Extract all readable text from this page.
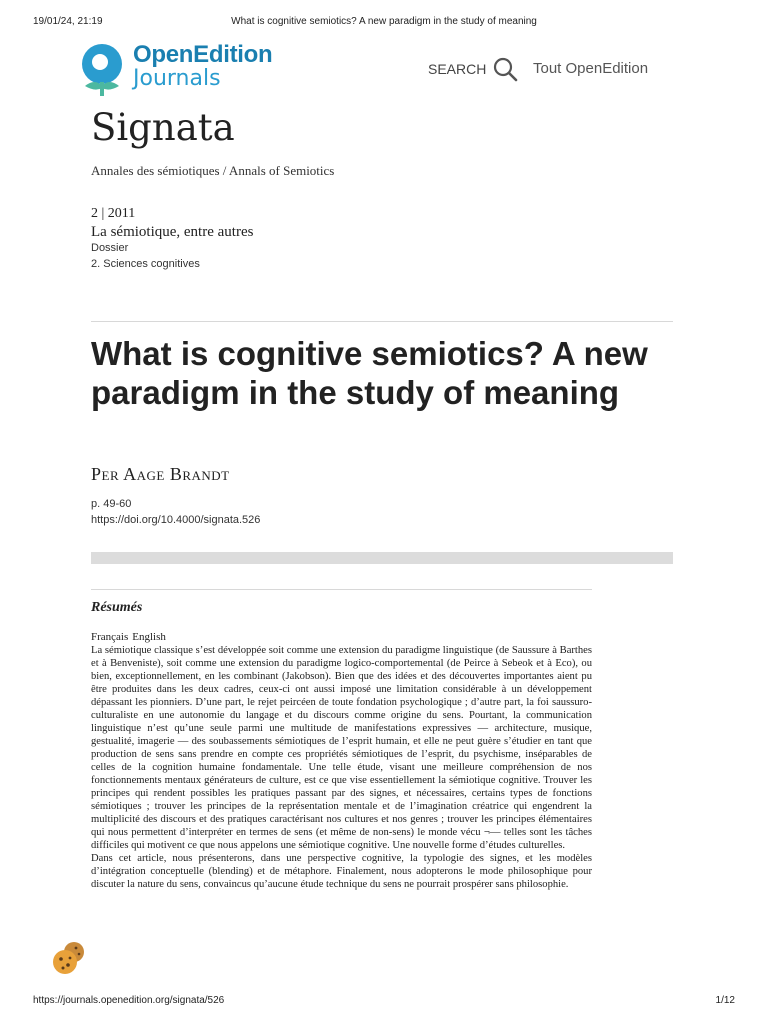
19/01/24, 21:19	What is cognitive semiotics? A new paradigm in the study of meaning
OpenEdition
Journals	SEARCH	Tout OpenEdition
Signata
Annales des sémiotiques / Annals of Semiotics
2 | 2011
La sémiotique, entre autres
Dossier
2. Sciences cognitives
What is cognitive semiotics? A new paradigm in the study of meaning
Per Aage Brandt
p. 49-60
https://doi.org/10.4000/signata.526
Résumés
Français English

La sémiotique classique s’est développée soit comme une extension du paradigme linguistique (de Saussure à Barthes et à Benveniste), soit comme une extension du paradigme logico-comportemental (de Peirce à Sebeok et à Eco), ou bien, exceptionnellement, en les combinant (Jakobson). Bien que des idées et des découvertes importantes aient pu être produites dans les deux cadres, ceux-ci ont aussi imposé une limitation considérable à un développement dépassant les pionniers. D’une part, le rejet peircéen de toute fondation psychologique ; d’autre part, la foi saussuro-culturaliste en une autonomie du langage et du discours comme origine du sens. Pourtant, la communication linguistique n’est qu’une seule parmi une multitude de manifestations expressives — architecture, musique, gestualité, imagerie — des soubassements sémiotiques de l’esprit humain, et elle ne peut guère s’étudier en tant que production de sens sans prendre en compte ces propriétés sémiotiques de l’esprit, du psychisme, inséparables de celles de la cognition humaine fondamentale. Une telle étude, visant une meilleure compréhension de nos fonctionnements mentaux générateurs de culture, est ce que vise essentiellement la sémiotique cognitive. Trouver les principes qui rendent possibles les pratiques passant par des signes, et nécessaires, certains types de fonctions sémiotiques ; trouver les principes de la représentation mentale et de l’imagination créatrice qui engendrent la multiplicité des discours et des pratiques caractérisant nos cultures et nos genres ; trouver les principes élémentaires qui nous permettent d’interpréter en termes de sens (et même de non-sens) le monde vécu ¬— telles sont les tâches difficiles qui motivent ce que nous appelons une sémiotique cognitive. Une nouvelle forme d’études culturelles.

Dans cet article, nous présenterons, dans une perspective cognitive, la typologie des signes, et les modèles d’intégration conceptuelle (blending) et de métaphore. Finalement, nous adopterons le mode philosophique pour discuter la nature du sens, convaincus qu’aucune étude technique du sens ne pourrait prospérer sans philosophie.

https://journals.openedition.org/signata/526	1/12
